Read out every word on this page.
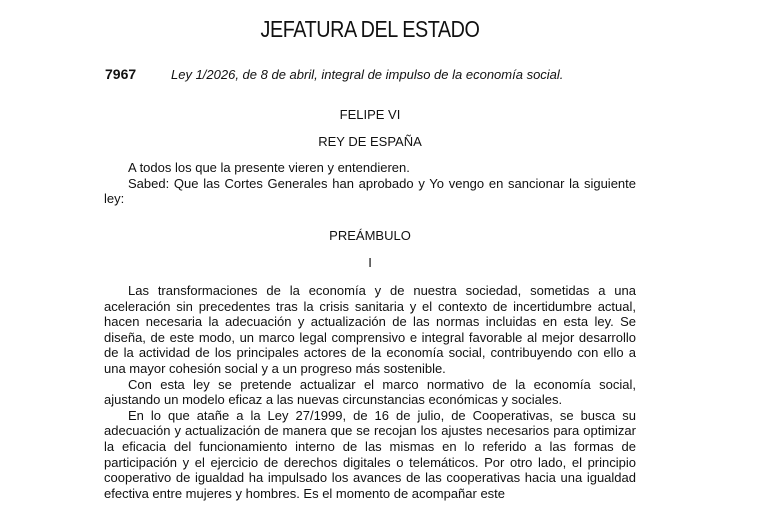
JEFATURA DEL ESTADO
7967	Ley 1/2026, de 8 de abril, integral de impulso de la economía social.
FELIPE VI
REY DE ESPAÑA

A todos los que la presente vieren y entendieren.

Sabed: Que las Cortes Generales han aprobado y Yo vengo en sancionar la siguiente ley:

PREÁMBULO
I

Las transformaciones de la economía y de nuestra sociedad, sometidas a una aceleración sin precedentes tras la crisis sanitaria y el contexto de incertidumbre actual, hacen necesaria la adecuación y actualización de las normas incluidas en esta ley. Se diseña, de este modo, un marco legal comprensivo e integral favorable al mejor desarrollo de la actividad de los principales actores de la economía social, contribuyendo con ello a una mayor cohesión social y a un progreso más sostenible.

Con esta ley se pretende actualizar el marco normativo de la economía social, ajustando un modelo eficaz a las nuevas circunstancias económicas y sociales.

En lo que atañe a la Ley 27/1999, de 16 de julio, de Cooperativas, se busca su adecuación y actualización de manera que se recojan los ajustes necesarios para optimizar la eficacia del funcionamiento interno de las mismas en lo referido a las formas de participación y el ejercicio de derechos digitales o telemáticos. Por otro lado, el principio cooperativo de igualdad ha impulsado los avances de las cooperativas hacia una igualdad efectiva entre mujeres y hombres. Es el momento de acompañar este
